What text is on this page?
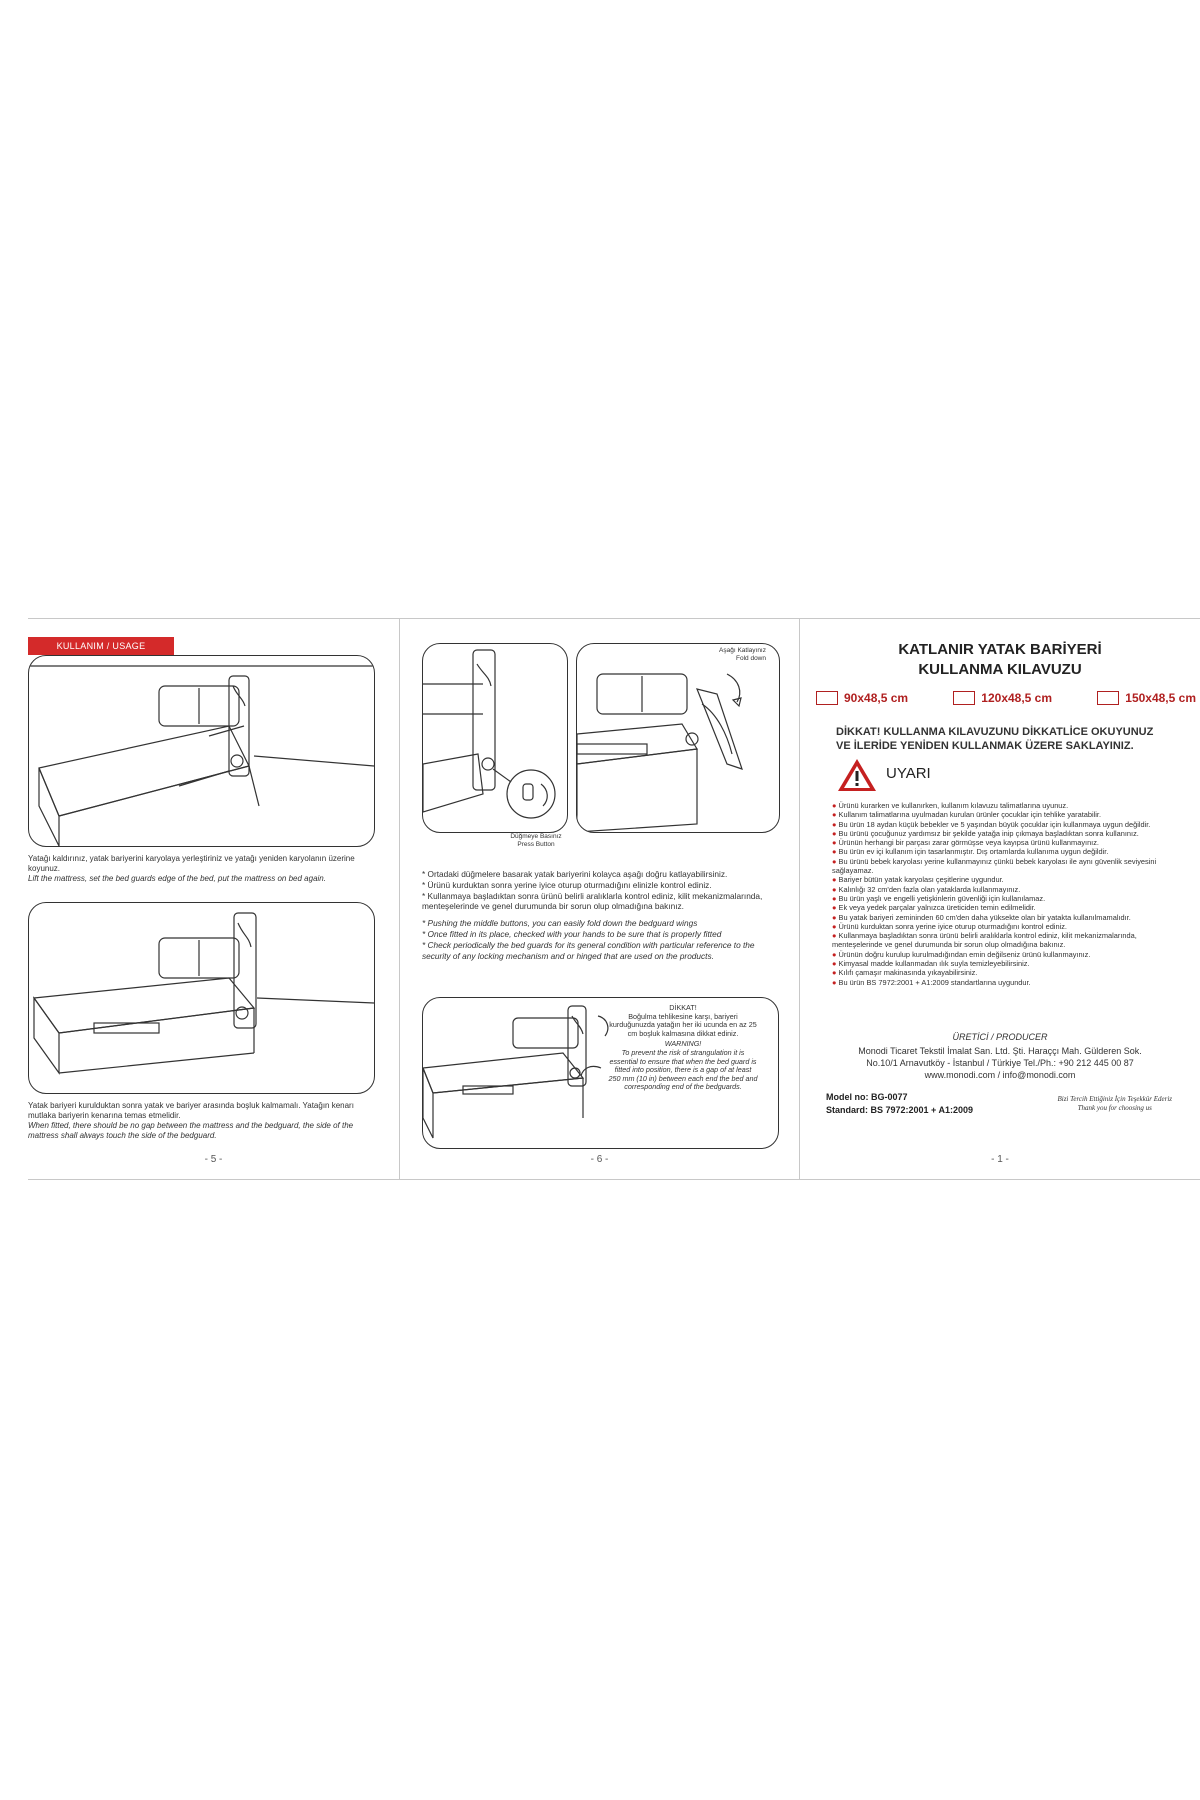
KULLANIM / USAGE
Yatağı kaldırınız, yatak bariyerini karyolaya yerleştiriniz ve yatağı yeniden karyolanın üzerine koyunuz.
Lift the mattress, set the bed guards edge of the bed, put the mattress on bed again.
Yatak bariyeri kurulduktan sonra yatak ve bariyer arasında boşluk kalmamalı. Yatağın kenarı mutlaka bariyerin kenarına temas etmelidir.
When fitted, there should be no gap between the mattress and the bedguard, the side of the mattress shall always touch the side of the bedguard.
- 5 -
Düğmeye Basınız
Press Button
Aşağı Katlayınız
Fold down
* Ortadaki düğmelere basarak yatak bariyerini kolayca aşağı doğru katlayabilirsiniz.
* Ürünü kurduktan sonra yerine iyice oturup oturmadığını elinizle kontrol ediniz.
* Kullanmaya başladıktan sonra ürünü belirli aralıklarla kontrol ediniz, kilit mekanizmalarında, menteşelerinde ve genel durumunda bir sorun olup olmadığına bakınız.
* Pushing the middle buttons, you can easily fold down the bedguard wings
* Once fitted in its place, checked with your hands to be sure that is properly fitted
* Check periodically the bed guards for its general condition with particular reference to the security of any locking mechanism and or hinged that are used on the products.
DİKKAT!
Boğulma tehlikesine karşı, bariyeri kurduğunuzda yatağın her iki ucunda en az 25 cm boşluk kalmasına dikkat ediniz.
WARNING!
To prevent the risk of strangulation it is essential to ensure that when the bed guard is fitted into position, there is a gap of at least 250 mm (10 in) between each end the bed and corresponding end of the bedguards.
- 6 -
KATLANIR YATAK BARİYERİ
KULLANMA KILAVUZU
90x48,5 cm	120x48,5 cm	150x48,5 cm
DİKKAT! KULLANMA KILAVUZUNU DİKKATLİCE OKUYUNUZ
VE İLERİDE YENİDEN KULLANMAK ÜZERE SAKLAYINIZ.
UYARI
● Ürünü kurarken ve kullanırken, kullanım kılavuzu talimatlarına uyunuz.
● Kullanım talimatlarına uyulmadan kurulan ürünler çocuklar için tehlike yaratabilir.
● Bu ürün 18 aydan küçük bebekler ve 5 yaşından büyük çocuklar için kullanmaya uygun değildir.
● Bu ürünü çocuğunuz yardımsız bir şekilde yatağa inip çıkmaya başladıktan sonra kullanınız.
● Ürünün herhangi bir parçası zarar görmüşse veya kayıpsa ürünü kullanmayınız.
● Bu ürün ev içi kullanım için tasarlanmıştır. Dış ortamlarda kullanıma uygun değildir.
● Bu ürünü bebek karyolası yerine kullanmayınız çünkü bebek karyolası ile aynı güvenlik seviyesini sağlayamaz.
● Bariyer bütün yatak karyolası çeşitlerine uygundur.
● Kalınlığı 32 cm'den fazla olan yataklarda kullanmayınız.
● Bu ürün yaşlı ve engelli yetişkinlerin güvenliği için kullanılamaz.
● Ek veya yedek parçalar yalnızca üreticiden temin edilmelidir.
● Bu yatak bariyeri zemininden 60 cm'den daha yüksekte olan bir yatakta kullanılmamalıdır.
● Ürünü kurduktan sonra yerine iyice oturup oturmadığını kontrol ediniz.
● Kullanmaya başladıktan sonra ürünü belirli aralıklarla kontrol ediniz, kilit mekanizmalarında, menteşelerinde ve genel durumunda bir sorun olup olmadığına bakınız.
● Ürünün doğru kurulup kurulmadığından emin değilseniz ürünü kullanmayınız.
● Kimyasal madde kullanmadan ılık suyla temizleyebilirsiniz.
● Kılıfı çamaşır makinasında yıkayabilirsiniz.
● Bu ürün BS 7972:2001 + A1:2009 standartlarına uygundur.
ÜRETİCİ / PRODUCER
Monodi Ticaret Tekstil İmalat San. Ltd. Şti. Haraççı Mah. Gülderen Sok.
No.10/1 Arnavutköy - İstanbul / Türkiye Tel./Ph.: +90 212 445 00 87
www.monodi.com / info@monodi.com
Model no: BG-0077
Standard: BS 7972:2001 + A1:2009
Bizi Tercih Ettiğiniz İçin Teşekkür Ederiz
Thank you for choosing us
- 1 -
